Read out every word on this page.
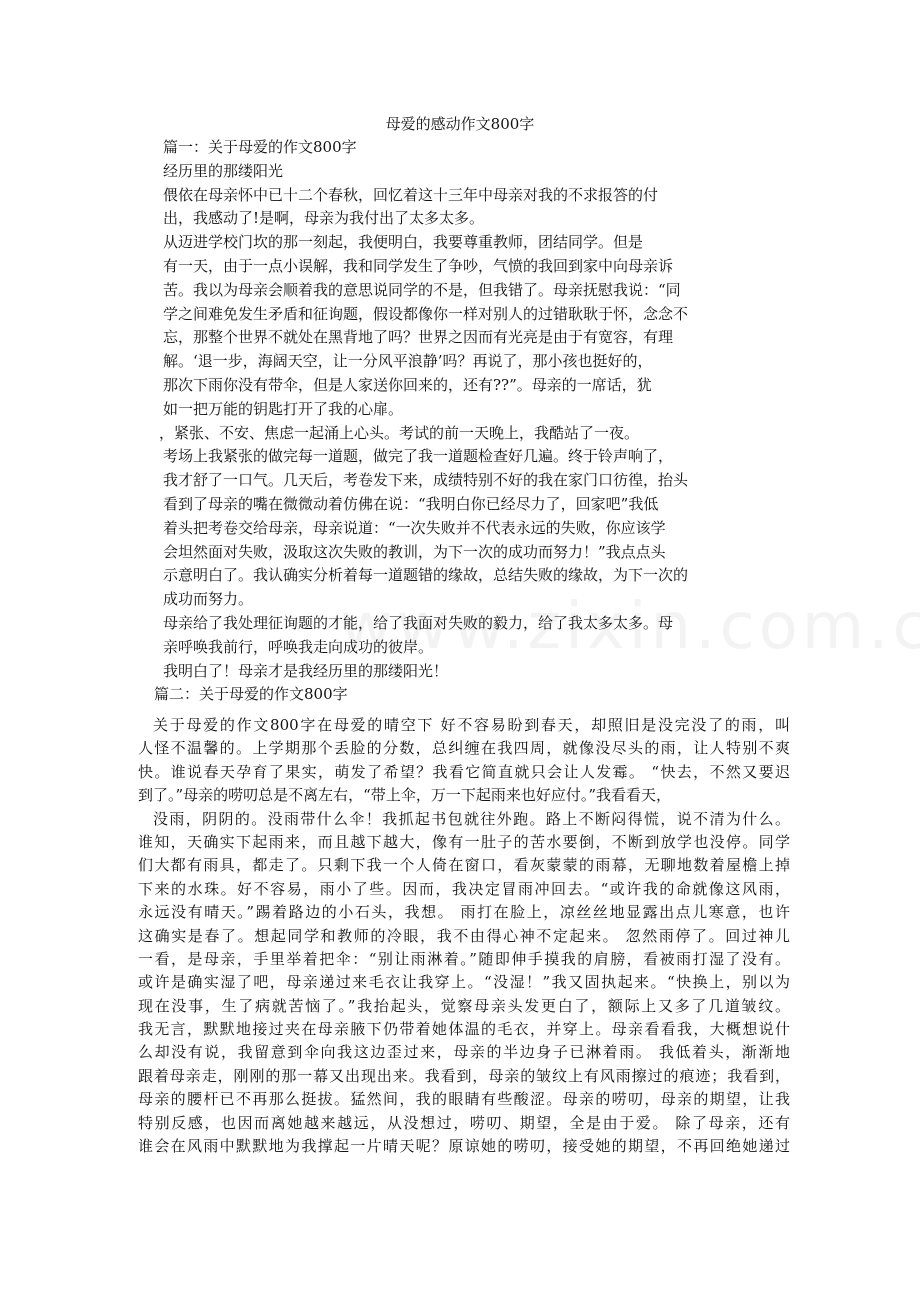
母爱的感动作文800字

篇一：关于母爱的作文800字

经历里的那缕阳光

偎依在母亲怀中已十二个春秋，回忆着这十三年中母亲对我的不求报答的付

出，我感动了!是啊，母亲为我付出了太多太多。

从迈进学校门坎的那一刻起，我便明白，我要尊重教师，团结同学。但是

有一天，由于一点小误解，我和同学发生了争吵，气愤的我回到家中向母亲诉

苦。我以为母亲会顺着我的意思说同学的不是，但我错了。母亲抚慰我说：“同

学之间难免发生矛盾和征询题，假设都像你一样对别人的过错耿耿于怀，念念不

忘，那整个世界不就处在黑背地了吗？世界之因而有光亮是由于有宽容，有理

解。‘退一步，海阔天空，让一分风平浪静’吗？再说了，那小孩也挺好的，

那次下雨你没有带伞，但是人家送你回来的，还有??”。母亲的一席话，犹

如一把万能的钥匙打开了我的心扉。

，紧张、不安、焦虑一起涌上心头。考试的前一天晚上，我酷站了一夜。

考场上我紧张的做完每一道题，做完了我一道题检查好几遍。终于铃声响了，

我才舒了一口气。几天后，考卷发下来，成绩特别不好的我在家门口彷徨，抬头

看到了母亲的嘴在微微动着仿佛在说：“我明白你已经尽力了，回家吧”我低

着头把考卷交给母亲，母亲说道：“一次失败并不代表永远的失败，你应该学

会坦然面对失败，汲取这次失败的教训，为下一次的成功而努力！”我点点头

示意明白了。我认确实分析着每一道题错的缘故，总结失败的缘故，为下一次的

成功而努力。

母亲给了我处理征询题的才能，给了我面对失败的毅力，给了我太多太多。母

亲呼唤我前行，呼唤我走向成功的彼岸。

我明白了！母亲才是我经历里的那缕阳光！

篇二：关于母爱的作文800字

关于母爱的作文800字在母爱的晴空下 好不容易盼到春天，却照旧是没完没了的雨，叫

人怪不温馨的。上学期那个丢脸的分数，总纠缠在我四周，就像没尽头的雨，让人特别不爽

快。谁说春天孕育了果实，萌发了希望？我看它简直就只会让人发霉。 “快去，不然又要迟

到了。”母亲的唠叨总是不离左右，“带上伞，万一下起雨来也好应付。”我看看天，

没雨，阴阴的。没雨带什么伞！我抓起书包就往外跑。路上不断闷得慌，说不清为什么。

谁知，天确实下起雨来，而且越下越大，像有一肚子的苦水要倒，不断到放学也没停。同学

们大都有雨具，都走了。只剩下我一个人倚在窗口，看灰蒙蒙的雨幕，无聊地数着屋檐上掉

下来的水珠。好不容易，雨小了些。因而，我决定冒雨冲回去。“或许我的命就像这风雨，

永远没有晴天。”踢着路边的小石头，我想。 雨打在脸上，凉丝丝地显露出点儿寒意，也许

这确实是春了。想起同学和教师的冷眼，我不由得心神不定起来。 忽然雨停了。回过神儿

一看，是母亲，手里举着把伞：“别让雨淋着。”随即伸手摸我的肩膀，看被雨打湿了没有。

或许是确实湿了吧，母亲递过来毛衣让我穿上。“没湿！”我又固执起来。“快换上，别以为

现在没事，生了病就苦恼了。”我抬起头，觉察母亲头发更白了，额际上又多了几道皱纹。

我无言，默默地接过夹在母亲腋下仍带着她体温的毛衣，并穿上。母亲看看我，大概想说什

么却没有说，我留意到伞向我这边歪过来，母亲的半边身子已淋着雨。 我低着头，渐渐地

跟着母亲走，刚刚的那一幕又出现出来。我看到，母亲的皱纹上有风雨擦过的痕迹；我看到，

母亲的腰杆已不再那么挺拔。猛然间，我的眼睛有些酸涩。母亲的唠叨，母亲的期望，让我

特别反感，也因而离她越来越远，从没想过，唠叨、期望，全是由于爱。 除了母亲，还有

谁会在风雨中默默地为我撑起一片晴天呢？原谅她的唠叨，接受她的期望，不再回绝她递过
